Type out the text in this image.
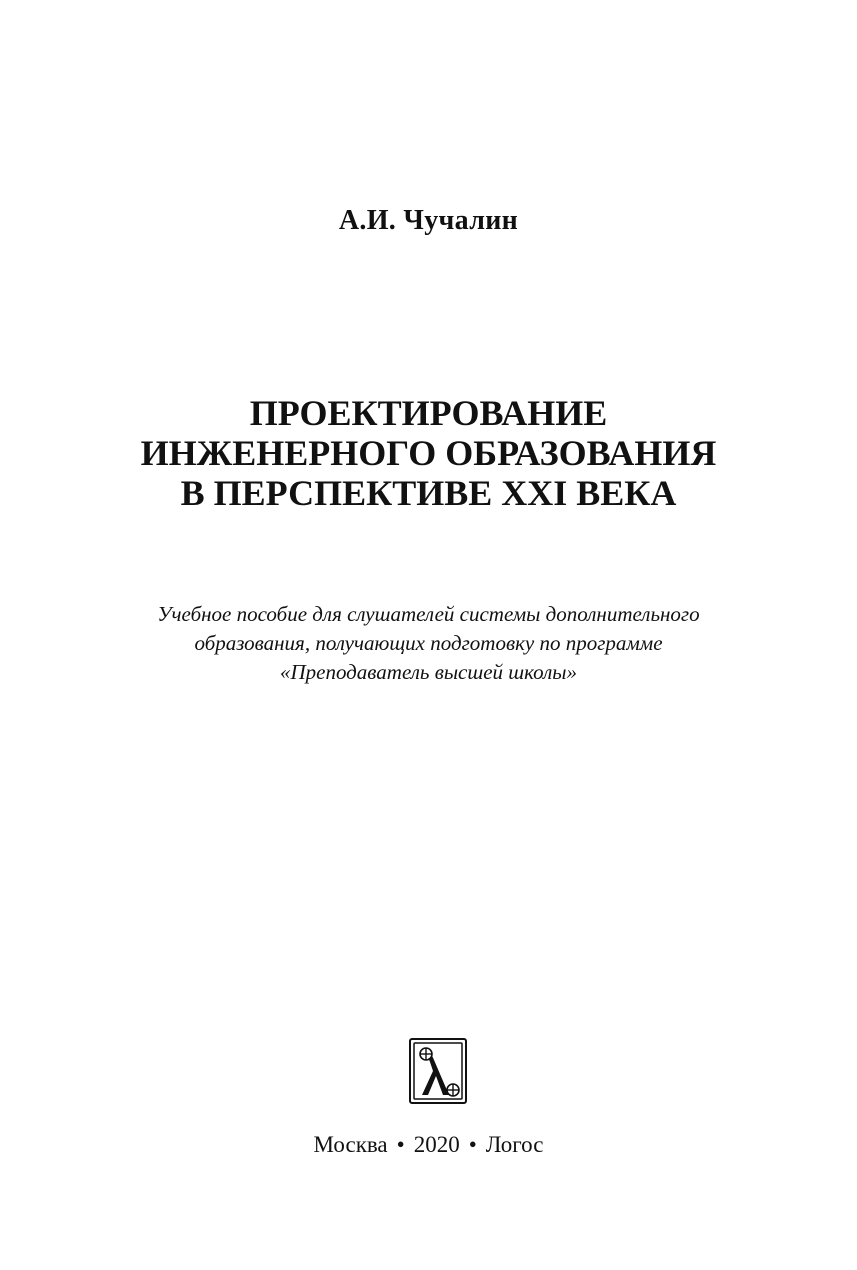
А.И. Чучалин
ПРОЕКТИРОВАНИЕ
ИНЖЕНЕРНОГО ОБРАЗОВАНИЯ
В ПЕРСПЕКТИВЕ XXI ВЕКА
Учебное пособие для слушателей системы дополнительного
образования, получающих подготовку по программе
«Преподаватель высшей школы»
Москва • 2020 • Логос
